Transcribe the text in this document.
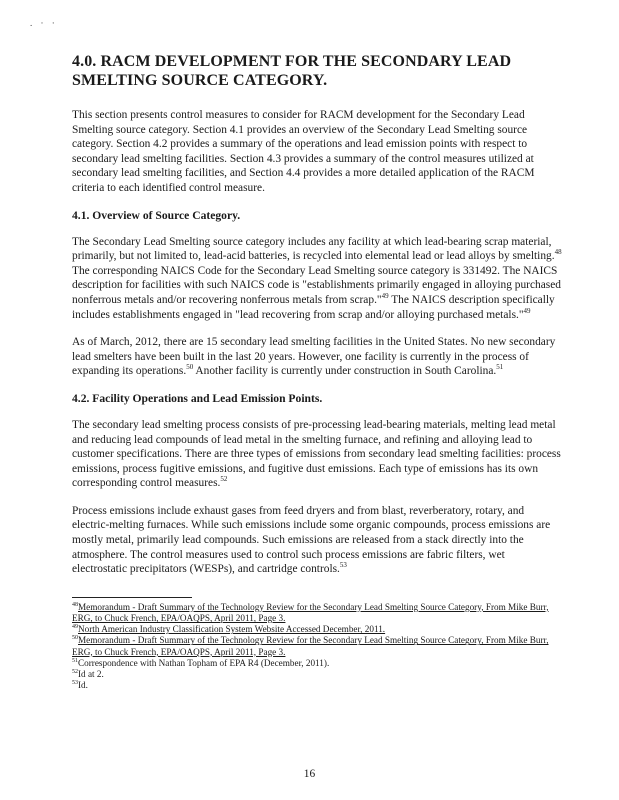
. · ·
4.0. RACM DEVELOPMENT FOR THE SECONDARY LEAD SMELTING SOURCE CATEGORY.

This section presents control measures to consider for RACM development for the Secondary Lead Smelting source category. Section 4.1 provides an overview of the Secondary Lead Smelting source category. Section 4.2 provides a summary of the operations and lead emission points with respect to secondary lead smelting facilities. Section 4.3 provides a summary of the control measures utilized at secondary lead smelting facilities, and Section 4.4 provides a more detailed application of the RACM criteria to each identified control measure.

4.1. Overview of Source Category.

The Secondary Lead Smelting source category includes any facility at which lead-bearing scrap material, primarily, but not limited to, lead-acid batteries, is recycled into elemental lead or lead alloys by smelting.$^{48}$ The corresponding NAICS Code for the Secondary Lead Smelting source category is 331492. The NAICS description for facilities with such NAICS code is "establishments primarily engaged in alloying purchased nonferrous metals and/or recovering nonferrous metals from scrap."$^{49}$ The NAICS description specifically includes establishments engaged in "lead recovering from scrap and/or alloying purchased metals."$^{49}$

As of March, 2012, there are 15 secondary lead smelting facilities in the United States. No new secondary lead smelters have been built in the last 20 years. However, one facility is currently in the process of expanding its operations.$^{50}$ Another facility is currently under construction in South Carolina.$^{51}$

4.2. Facility Operations and Lead Emission Points.

The secondary lead smelting process consists of pre-processing lead-bearing materials, melting lead metal and reducing lead compounds of lead metal in the smelting furnace, and refining and alloying lead to customer specifications. There are three types of emissions from secondary lead smelting facilities: process emissions, process fugitive emissions, and fugitive dust emissions. Each type of emissions has its own corresponding control measures.$^{52}$

Process emissions include exhaust gases from feed dryers and from blast, reverberatory, rotary, and electric-melting furnaces. While such emissions include some organic compounds, process emissions are mostly metal, primarily lead compounds. Such emissions are released from a stack directly into the atmosphere. The control measures used to control such process emissions are fabric filters, wet electrostatic precipitators (WESPs), and cartridge controls.$^{53}$

$^{48}$Memorandum - Draft Summary of the Technology Review for the Secondary Lead Smelting Source Category, From Mike Burr, ERG, to Chuck French, EPA/OAQPS, April 2011, Page 3.

$^{49}$North American Industry Classification System Website Accessed December, 2011.

$^{50}$Memorandum - Draft Summary of the Technology Review for the Secondary Lead Smelting Source Category, From Mike Burr, ERG, to Chuck French, EPA/OAQPS, April 2011, Page 3.

$^{51}$Correspondence with Nathan Topham of EPA R4 (December, 2011).

$^{52}$Id at 2.

$^{53}$Id.

16
